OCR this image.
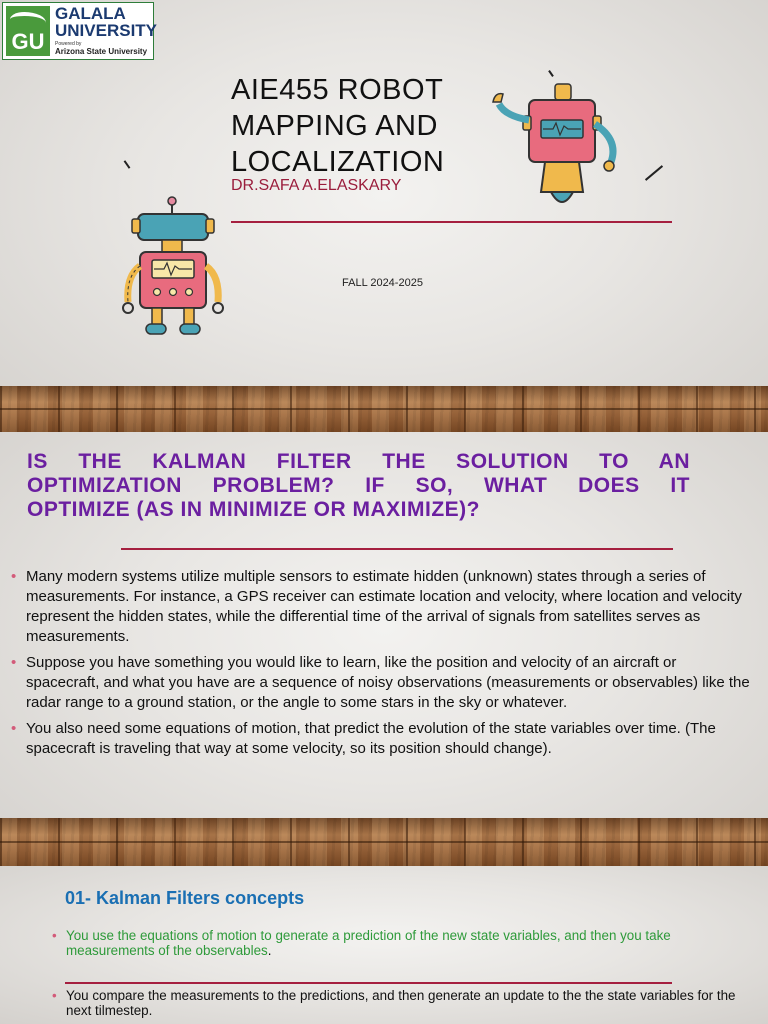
GU
GALALA
UNIVERSITY
Powered by
Arizona State University
AIE455 ROBOT
MAPPING AND
LOCALIZATION
DR.SAFA A.ELASKARY
FALL 2024-2025
IS THE KALMAN FILTER THE SOLUTION TO AN
OPTIMIZATION PROBLEM? IF SO, WHAT DOES IT
OPTIMIZE (AS IN MINIMIZE OR MAXIMIZE)?
• Many modern systems utilize multiple sensors to estimate hidden (unknown) states through a series of measurements. For instance, a GPS receiver can estimate location and velocity, where location and velocity represent the hidden states, while the differential time of the arrival of signals from satellites serves as measurements.
• Suppose you have something you would like to learn, like the position and velocity of an aircraft or spacecraft, and what you have are a sequence of noisy observations (measurements or observables) like the radar range to a ground station, or the angle to some stars in the sky or whatever.
• You also need some equations of motion, that predict the evolution of the state variables over time. (The spacecraft is traveling that way at some velocity, so its position should change).
01- Kalman Filters concepts
• You use the equations of motion to generate a prediction of the new state variables, and then you take measurements of the observables.
• You compare the measurements to the predictions, and then generate an update to the the state variables for the next tilmestep.
